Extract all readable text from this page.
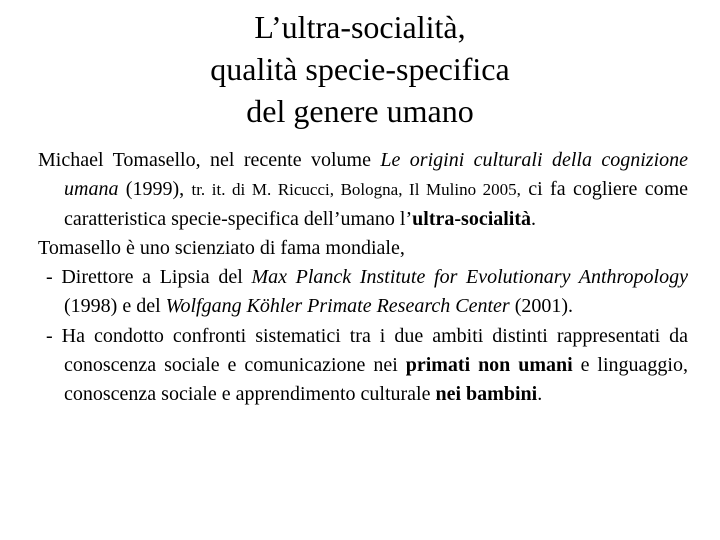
L’ultra-socialità,
qualità specie-specifica
del genere umano

Michael Tomasello, nel recente volume Le origini culturali della cognizione umana (1999), tr. it. di M. Ricucci, Bologna, Il Mulino 2005, ci fa cogliere come caratteristica specie-specifica dell’umano l’ultra-socialità.

Tomasello è uno scienziato di fama mondiale,

- Direttore a Lipsia del Max Planck Institute for Evolutionary Anthropology (1998) e del Wolfgang Köhler Primate Research Center (2001).

- Ha condotto confronti sistematici tra i due ambiti distinti rappresentati da conoscenza sociale e comunicazione nei primati non umani e linguaggio, conoscenza sociale e apprendimento culturale nei bambini.
